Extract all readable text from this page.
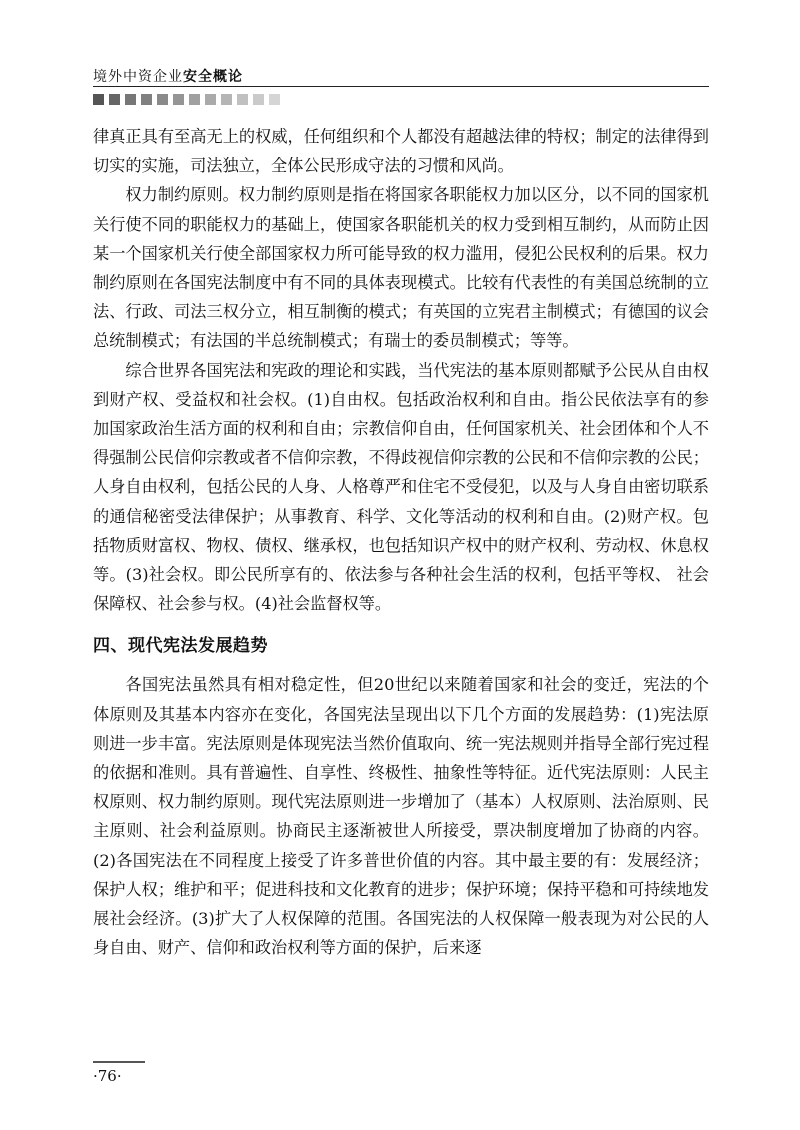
境外中资企业安全概论

律真正具有至高无上的权威，任何组织和个人都没有超越法律的特权；制定的法律得到切实的实施，司法独立，全体公民形成守法的习惯和风尚。

权力制约原则。权力制约原则是指在将国家各职能权力加以区分，以不同的国家机关行使不同的职能权力的基础上，使国家各职能机关的权力受到相互制约，从而防止因某一个国家机关行使全部国家权力所可能导致的权力滥用，侵犯公民权利的后果。权力制约原则在各国宪法制度中有不同的具体表现模式。比较有代表性的有美国总统制的立法、行政、司法三权分立，相互制衡的模式；有英国的立宪君主制模式；有德国的议会总统制模式；有法国的半总统制模式；有瑞士的委员制模式；等等。

综合世界各国宪法和宪政的理论和实践，当代宪法的基本原则都赋予公民从自由权到财产权、受益权和社会权。(1)自由权。包括政治权利和自由。指公民依法享有的参加国家政治生活方面的权利和自由；宗教信仰自由，任何国家机关、社会团体和个人不得强制公民信仰宗教或者不信仰宗教，不得歧视信仰宗教的公民和不信仰宗教的公民；人身自由权利，包括公民的人身、人格尊严和住宅不受侵犯，以及与人身自由密切联系的通信秘密受法律保护；从事教育、科学、文化等活动的权利和自由。(2)财产权。包括物质财富权、物权、债权、继承权，也包括知识产权中的财产权利、劳动权、休息权等。(3)社会权。即公民所享有的、依法参与各种社会生活的权利，包括平等权、 社会保障权、社会参与权。(4)社会监督权等。

四、现代宪法发展趋势

各国宪法虽然具有相对稳定性，但20世纪以来随着国家和社会的变迁，宪法的个体原则及其基本内容亦在变化，各国宪法呈现出以下几个方面的发展趋势：(1)宪法原则进一步丰富。宪法原则是体现宪法当然价值取向、统一宪法规则并指导全部行宪过程的依据和准则。具有普遍性、自享性、终极性、抽象性等特征。近代宪法原则：人民主权原则、权力制约原则。现代宪法原则进一步增加了（基本）人权原则、法治原则、民主原则、社会利益原则。协商民主逐渐被世人所接受，票决制度增加了协商的内容。(2)各国宪法在不同程度上接受了许多普世价值的内容。其中最主要的有：发展经济；保护人权；维护和平；促进科技和文化教育的进步；保护环境；保持平稳和可持续地发展社会经济。(3)扩大了人权保障的范围。各国宪法的人权保障一般表现为对公民的人身自由、财产、信仰和政治权利等方面的保护，后来逐

·76·
